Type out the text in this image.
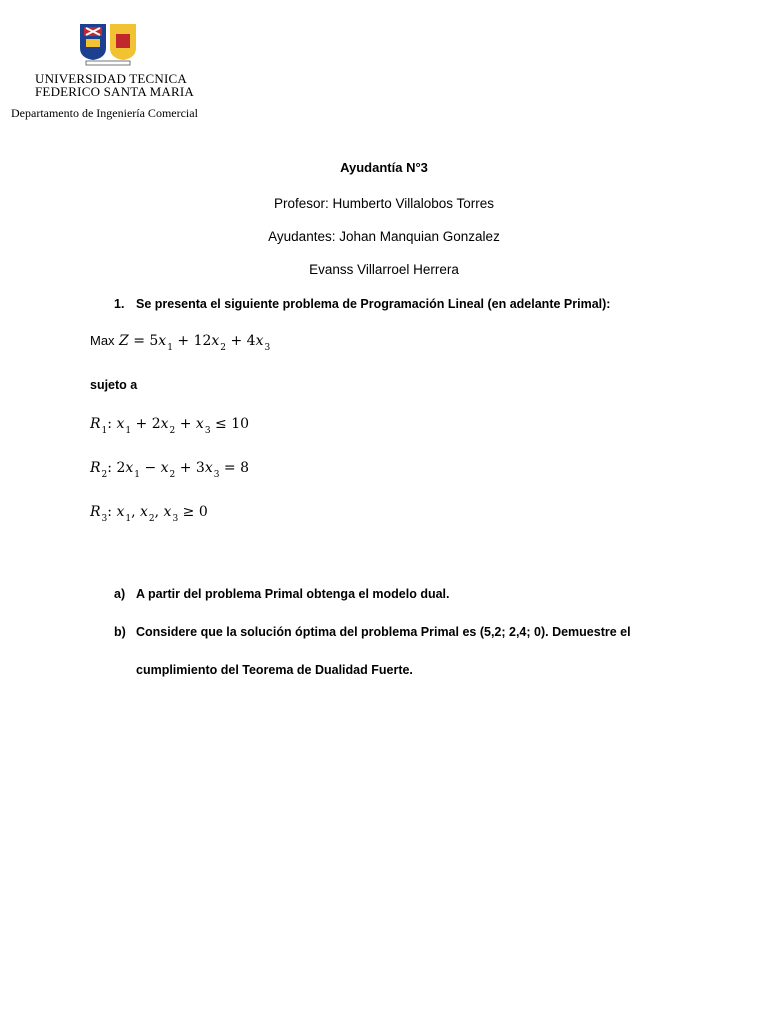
UNIVERSIDAD TECNICA
FEDERICO SANTA MARIA
Departamento de Ingeniería Comercial
Ayudantía N°3
Profesor: Humberto Villalobos Torres
Ayudantes: Johan Manquian Gonzalez
Evanss Villarroel Herrera
1. Se presenta el siguiente problema de Programación Lineal (en adelante Primal):
Max $Z = 5x_1 + 12x_2 + 4x_3$
sujeto a
$R_1$: $x_1 + 2x_2 + x_3 \le 10$
$R_2$: $2x_1 - x_2 + 3x_3 = 8$
$R_3$: $x_1$, $x_2$, $x_3 \ge 0$
a) A partir del problema Primal obtenga el modelo dual.
b) Considere que la solución óptima del problema Primal es (5,2; 2,4; 0). Demuestre el
cumplimiento del Teorema de Dualidad Fuerte.
